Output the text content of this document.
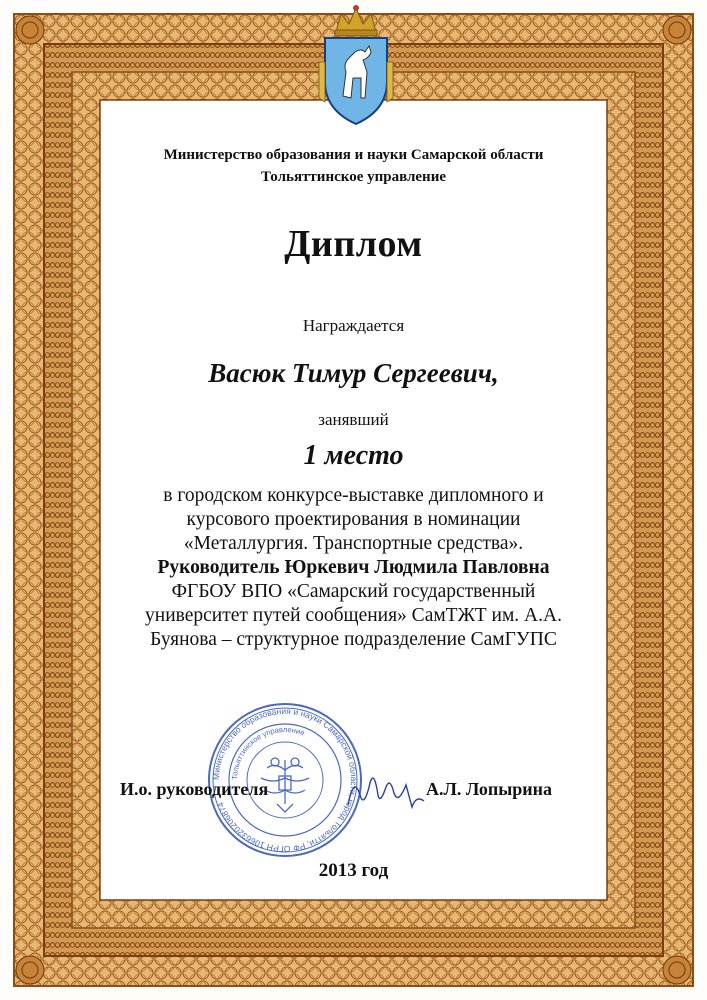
Министерство образования и науки Самарской области
Тольяттинское управление
Диплом
Награждается
Васюк Тимур Сергеевич,
занявший
1 место
в городском конкурсе-выставке дипломного и
курсового проектирования в номинации
«Металлургия. Транспортные средства».
Руководитель Юркевич Людмила Павловна
ФГБОУ ВПО «Самарский государственный
университет путей сообщения» СамТЖТ им. А.А.
Буянова – структурное подразделение СамГУПС
Министерство образования и науки Самарской области, город Тольятти, РФ ОГРН 1066320206874
Тольяттинское управление
И.о. руководителя	А.Л. Лопырина
2013 год
